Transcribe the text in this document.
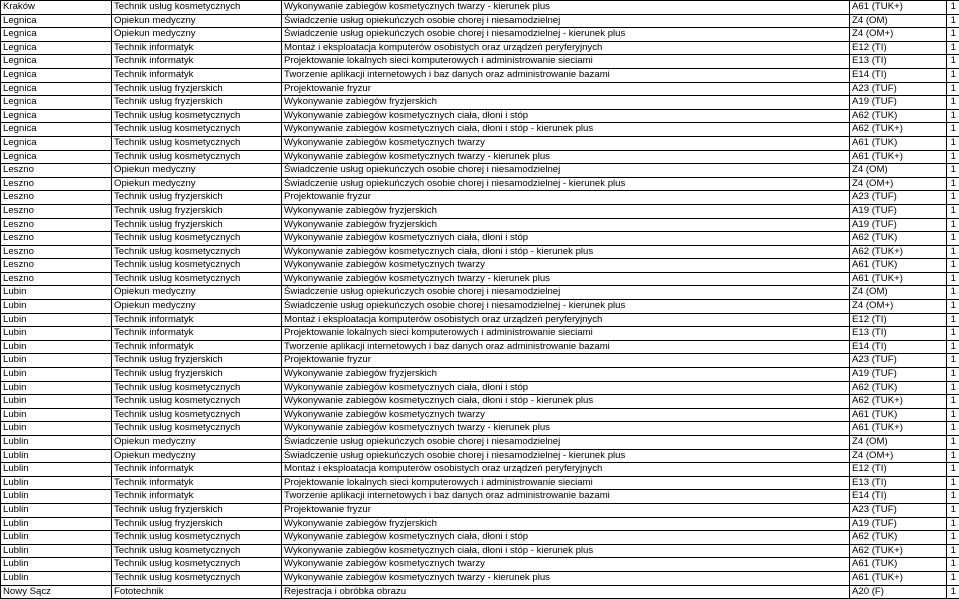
Kraków	Technik usług kosmetycznych	Wykonywanie zabiegów kosmetycznych twarzy - kierunek plus	A61 (TUK+)	1
Legnica	Opiekun medyczny	Świadczenie usług opiekuńczych osobie chorej i niesamodzielnej	Z4 (OM)	1
Legnica	Opiekun medyczny	Świadczenie usług opiekuńczych osobie chorej i niesamodzielnej - kierunek plus	Z4 (OM+)	1
Legnica	Technik informatyk	Montaż i eksploatacja komputerów osobistych oraz urządzeń peryferyjnych	E12 (TI)	1
Legnica	Technik informatyk	Projektowanie lokalnych sieci komputerowych i administrowanie sieciami	E13 (TI)	1
Legnica	Technik informatyk	Tworzenie aplikacji internetowych i baz danych oraz administrowanie bazami	E14 (TI)	1
Legnica	Technik usług fryzjerskich	Projektowanie fryzur	A23 (TUF)	1
Legnica	Technik usług fryzjerskich	Wykonywanie zabiegów fryzjerskich	A19 (TUF)	1
Legnica	Technik usług kosmetycznych	Wykonywanie zabiegów kosmetycznych ciała, dłoni i stóp	A62 (TUK)	1
Legnica	Technik usług kosmetycznych	Wykonywanie zabiegów kosmetycznych ciała, dłoni i stóp - kierunek plus	A62 (TUK+)	1
Legnica	Technik usług kosmetycznych	Wykonywanie zabiegów kosmetycznych twarzy	A61 (TUK)	1
Legnica	Technik usług kosmetycznych	Wykonywanie zabiegów kosmetycznych twarzy - kierunek plus	A61 (TUK+)	1
Leszno	Opiekun medyczny	Świadczenie usług opiekuńczych osobie chorej i niesamodzielnej	Z4 (OM)	1
Leszno	Opiekun medyczny	Świadczenie usług opiekuńczych osobie chorej i niesamodzielnej - kierunek plus	Z4 (OM+)	1
Leszno	Technik usług fryzjerskich	Projektowanie fryzur	A23 (TUF)	1
Leszno	Technik usług fryzjerskich	Wykonywanie zabiegów fryzjerskich	A19 (TUF)	1
Leszno	Technik usług fryzjerskich	Wykonywanie zabiegów fryzjerskich	A19 (TUF)	1
Leszno	Technik usług kosmetycznych	Wykonywanie zabiegów kosmetycznych ciała, dłoni i stóp	A62 (TUK)	1
Leszno	Technik usług kosmetycznych	Wykonywanie zabiegów kosmetycznych ciała, dłoni i stóp - kierunek plus	A62 (TUK+)	1
Leszno	Technik usług kosmetycznych	Wykonywanie zabiegów kosmetycznych twarzy	A61 (TUK)	1
Leszno	Technik usług kosmetycznych	Wykonywanie zabiegów kosmetycznych twarzy - kierunek plus	A61 (TUK+)	1
Lubin	Opiekun medyczny	Świadczenie usług opiekuńczych osobie chorej i niesamodzielnej	Z4 (OM)	1
Lubin	Opiekun medyczny	Świadczenie usług opiekuńczych osobie chorej i niesamodzielnej - kierunek plus	Z4 (OM+)	1
Lubin	Technik informatyk	Montaż i eksploatacja komputerów osobistych oraz urządzeń peryferyjnych	E12 (TI)	1
Lubin	Technik informatyk	Projektowanie lokalnych sieci komputerowych i administrowanie sieciami	E13 (TI)	1
Lubin	Technik informatyk	Tworzenie aplikacji internetowych i baz danych oraz administrowanie bazami	E14 (TI)	1
Lubin	Technik usług fryzjerskich	Projektowanie fryzur	A23 (TUF)	1
Lubin	Technik usług fryzjerskich	Wykonywanie zabiegów fryzjerskich	A19 (TUF)	1
Lubin	Technik usług kosmetycznych	Wykonywanie zabiegów kosmetycznych ciała, dłoni i stóp	A62 (TUK)	1
Lubin	Technik usług kosmetycznych	Wykonywanie zabiegów kosmetycznych ciała, dłoni i stóp - kierunek plus	A62 (TUK+)	1
Lubin	Technik usług kosmetycznych	Wykonywanie zabiegów kosmetycznych twarzy	A61 (TUK)	1
Lubin	Technik usług kosmetycznych	Wykonywanie zabiegów kosmetycznych twarzy - kierunek plus	A61 (TUK+)	1
Lublin	Opiekun medyczny	Świadczenie usług opiekuńczych osobie chorej i niesamodzielnej	Z4 (OM)	1
Lublin	Opiekun medyczny	Świadczenie usług opiekuńczych osobie chorej i niesamodzielnej - kierunek plus	Z4 (OM+)	1
Lublin	Technik informatyk	Montaż i eksploatacja komputerów osobistych oraz urządzeń peryferyjnych	E12 (TI)	1
Lublin	Technik informatyk	Projektowanie lokalnych sieci komputerowych i administrowanie sieciami	E13 (TI)	1
Lublin	Technik informatyk	Tworzenie aplikacji internetowych i baz danych oraz administrowanie bazami	E14 (TI)	1
Lublin	Technik usług fryzjerskich	Projektowanie fryzur	A23 (TUF)	1
Lublin	Technik usług fryzjerskich	Wykonywanie zabiegów fryzjerskich	A19 (TUF)	1
Lublin	Technik usług kosmetycznych	Wykonywanie zabiegów kosmetycznych ciała, dłoni i stóp	A62 (TUK)	1
Lublin	Technik usług kosmetycznych	Wykonywanie zabiegów kosmetycznych ciała, dłoni i stóp - kierunek plus	A62 (TUK+)	1
Lublin	Technik usług kosmetycznych	Wykonywanie zabiegów kosmetycznych twarzy	A61 (TUK)	1
Lublin	Technik usług kosmetycznych	Wykonywanie zabiegów kosmetycznych twarzy - kierunek plus	A61 (TUK+)	1
Nowy Sącz	Fototechnik	Rejestracja i obróbka obrazu	A20 (F)	1
